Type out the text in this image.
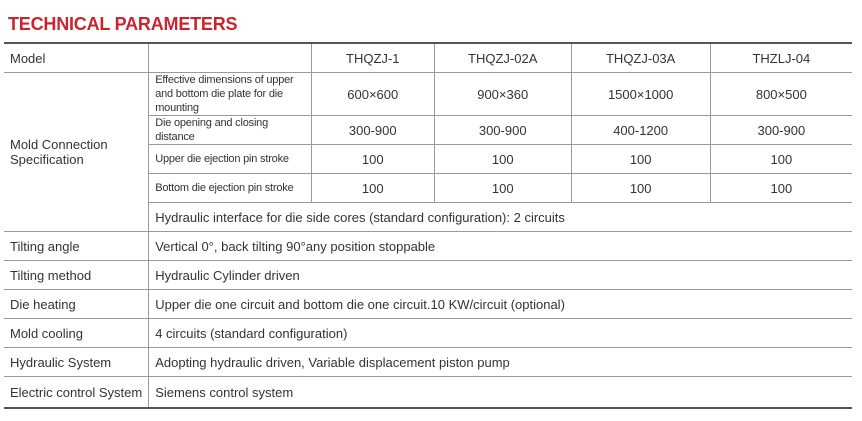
TECHNICAL PARAMETERS
Model		THQZJ-1	THQZJ-02A	THQZJ-03A	THZLJ-04
Mold Connection Specification	Effective dimensions of upper and bottom die plate for die mounting	600×600	900×360	1500×1000	800×500
	Die opening and closing distance	300-900	300-900	400-1200	300-900
	Upper die ejection pin stroke	100	100	100	100
	Bottom die ejection pin stroke	100	100	100	100
	Hydraulic interface for die side cores (standard configuration): 2 circuits				
Tilting angle	Vertical 0°, back tilting 90°any position stoppable				
Tilting method	Hydraulic Cylinder driven				
Die heating	Upper die one circuit and bottom die one circuit.10 KW/circuit (optional)				
Mold cooling	4 circuits (standard configuration)				
Hydraulic System	Adopting hydraulic driven, Variable displacement piston pump				
Electric control System	Siemens control system				
